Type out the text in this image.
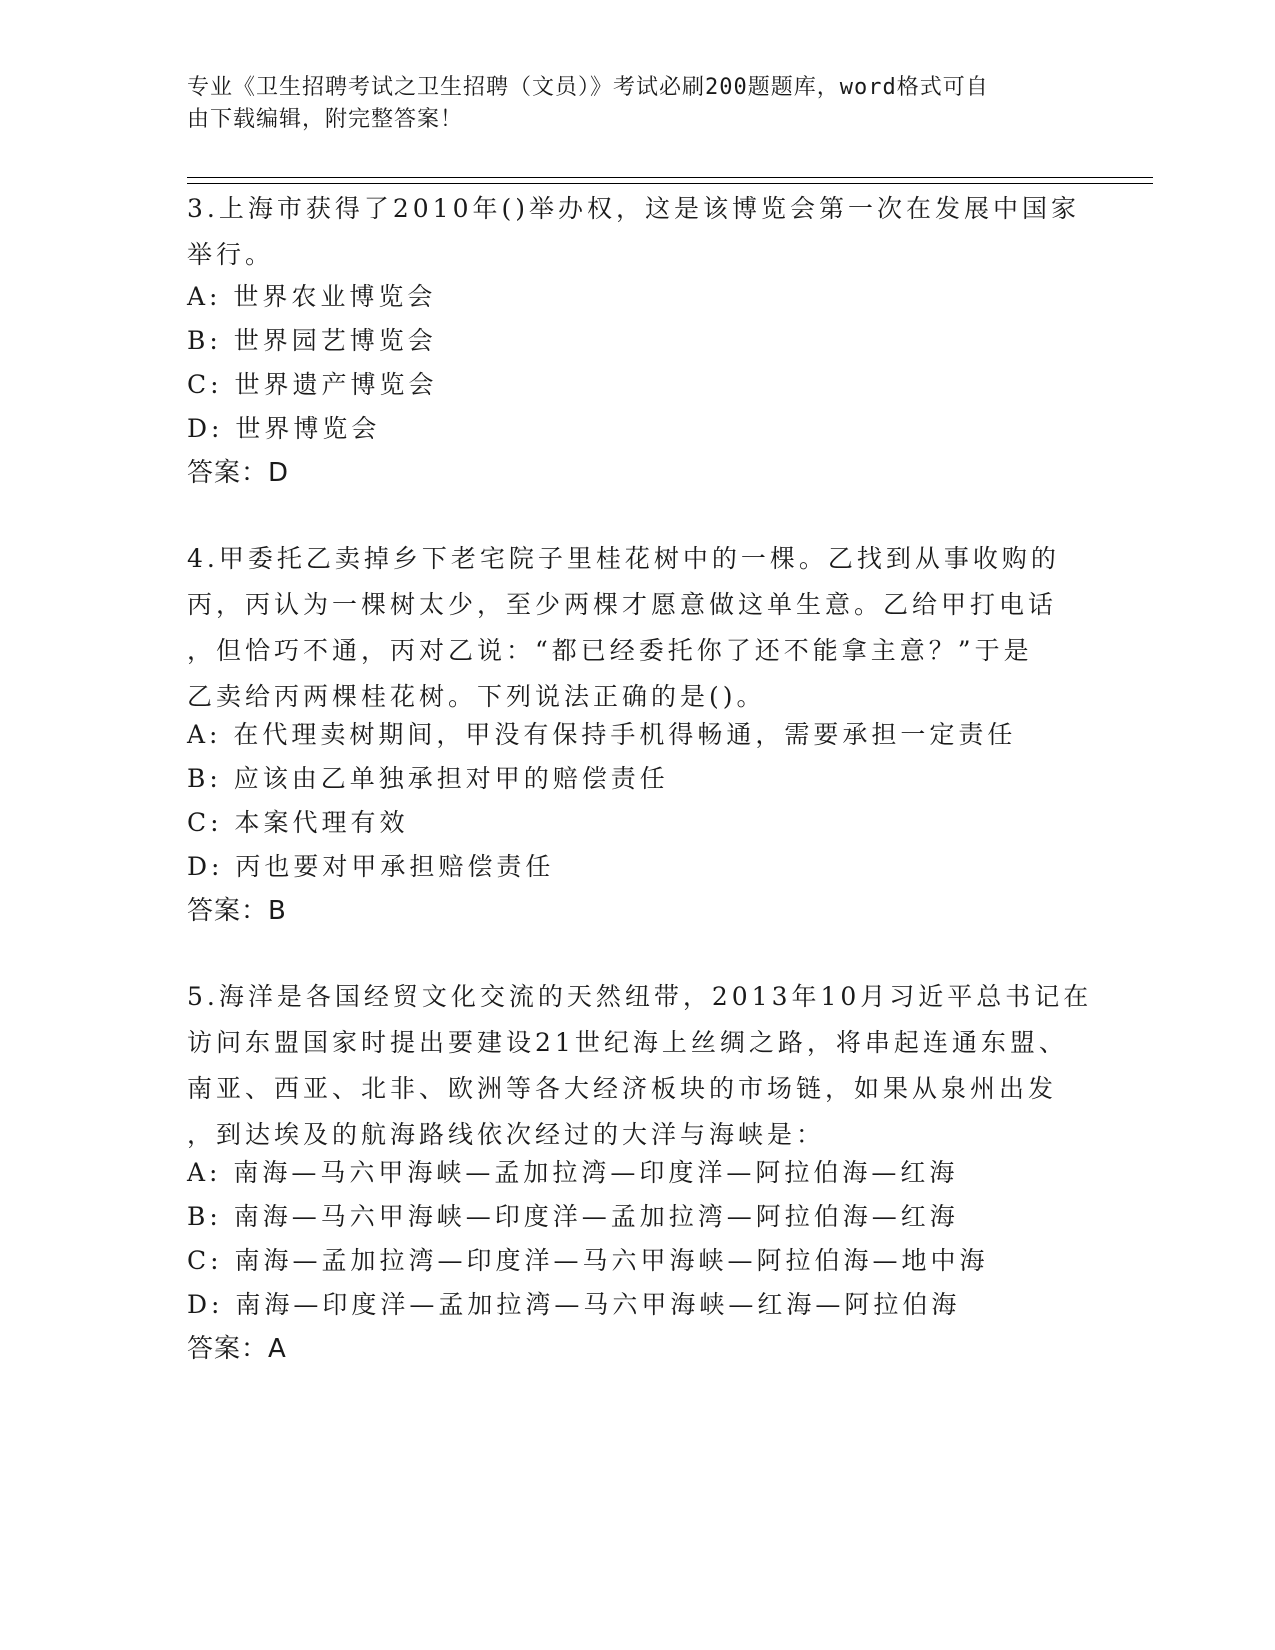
专业《卫生招聘考试之卫生招聘（文员）》考试必刷200题题库，word格式可自
由下载编辑，附完整答案！

3.上海市获得了2010年()举办权，这是该博览会第一次在发展中国家
举行。

A: 世界农业博览会

B: 世界园艺博览会

C: 世界遗产博览会

D: 世界博览会

答案：D

4.甲委托乙卖掉乡下老宅院子里桂花树中的一棵。乙找到从事收购的
丙，丙认为一棵树太少，至少两棵才愿意做这单生意。乙给甲打电话
，但恰巧不通，丙对乙说：“都已经委托你了还不能拿主意？”于是
乙卖给丙两棵桂花树。下列说法正确的是()。

A: 在代理卖树期间，甲没有保持手机得畅通，需要承担一定责任

B: 应该由乙单独承担对甲的赔偿责任

C: 本案代理有效

D: 丙也要对甲承担赔偿责任

答案：B

5.海洋是各国经贸文化交流的天然纽带，2013年10月习近平总书记在
访问东盟国家时提出要建设21世纪海上丝绸之路，将串起连通东盟、
南亚、西亚、北非、欧洲等各大经济板块的市场链，如果从泉州出发
，到达埃及的航海路线依次经过的大洋与海峡是：

A: 南海—马六甲海峡—孟加拉湾—印度洋—阿拉伯海—红海

B: 南海—马六甲海峡—印度洋—孟加拉湾—阿拉伯海—红海

C: 南海—孟加拉湾—印度洋—马六甲海峡—阿拉伯海—地中海

D: 南海—印度洋—孟加拉湾—马六甲海峡—红海—阿拉伯海

答案：A
